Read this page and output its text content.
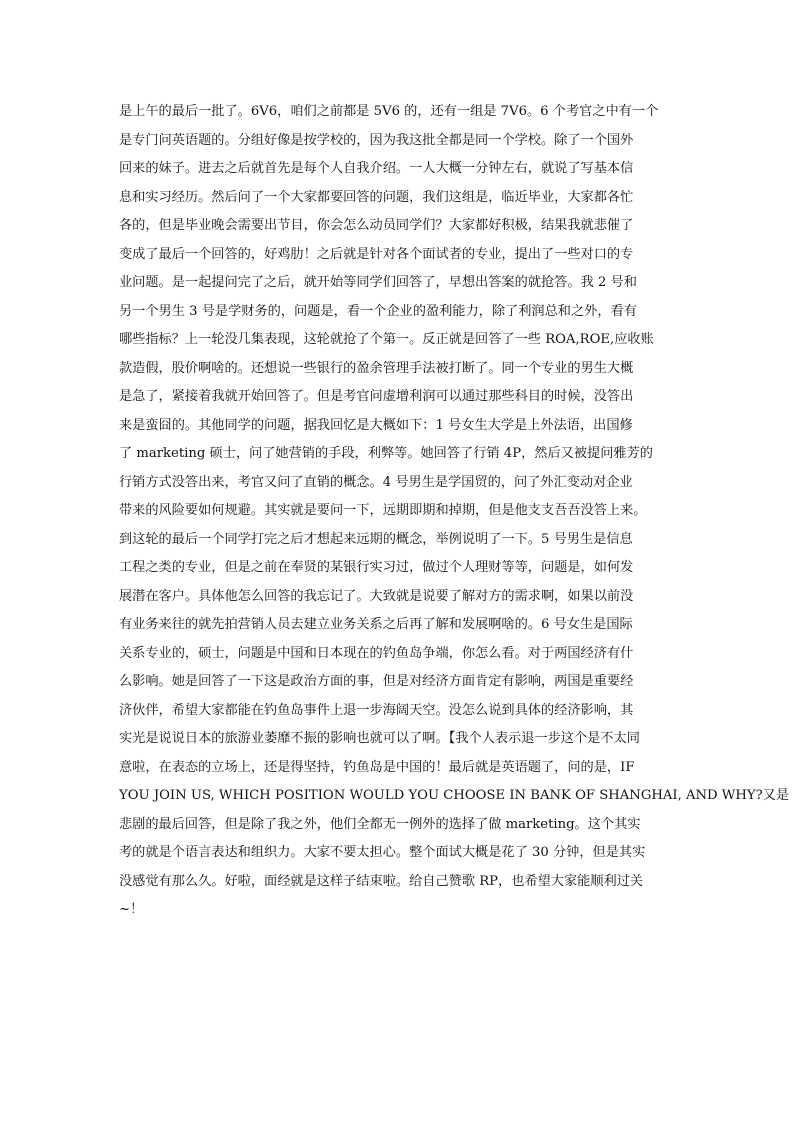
是上午的最后一批了。6V6，咱们之前都是 5V6 的，还有一组是 7V6。6 个考官之中有一个
是专门问英语题的。分组好像是按学校的，因为我这批全都是同一个学校。除了一个国外
回来的妹子。进去之后就首先是每个人自我介绍。一人大概一分钟左右，就说了写基本信
息和实习经历。然后问了一个大家都要回答的问题，我们这组是，临近毕业，大家都各忙
各的，但是毕业晚会需要出节目，你会怎么动员同学们？大家都好积极，结果我就悲催了
变成了最后一个回答的，好鸡肋！之后就是针对各个面试者的专业，提出了一些对口的专
业问题。是一起提问完了之后，就开始等同学们回答了，早想出答案的就抢答。我 2 号和
另一个男生 3 号是学财务的，问题是，看一个企业的盈利能力，除了利润总和之外，看有
哪些指标？上一轮没几集表现，这轮就抢了个第一。反正就是回答了一些 ROA,ROE,应收账
款造假，股价啊啥的。还想说一些银行的盈余管理手法被打断了。同一个专业的男生大概
是急了，紧接着我就开始回答了。但是考官问虚增利润可以通过那些科目的时候，没答出
来是蛮囧的。其他同学的问题，据我回忆是大概如下：1 号女生大学是上外法语，出国修
了 marketing 硕士，问了她营销的手段，利弊等。她回答了行销 4P，然后又被提问雅芳的
行销方式没答出来，考官又问了直销的概念。4 号男生是学国贸的，问了外汇变动对企业
带来的风险要如何规避。其实就是要问一下，远期即期和掉期，但是他支支吾吾没答上来。
到这轮的最后一个同学打完之后才想起来远期的概念，举例说明了一下。5 号男生是信息
工程之类的专业，但是之前在奉贤的某银行实习过，做过个人理财等等，问题是，如何发
展潜在客户。具体他怎么回答的我忘记了。大致就是说要了解对方的需求啊，如果以前没
有业务来往的就先拍营销人员去建立业务关系之后再了解和发展啊啥的。6 号女生是国际
关系专业的，硕士，问题是中国和日本现在的钓鱼岛争端，你怎么看。对于两国经济有什
么影响。她是回答了一下这是政治方面的事，但是对经济方面肯定有影响，两国是重要经
济伙伴，希望大家都能在钓鱼岛事件上退一步海阔天空。没怎么说到具体的经济影响，其
实光是说说日本的旅游业萎靡不振的影响也就可以了啊。【我个人表示退一步这个是不太同
意啦，在表态的立场上，还是得坚持，钓鱼岛是中国的！最后就是英语题了，问的是，IF
YOU JOIN US, WHICH POSITION WOULD YOU CHOOSE IN BANK OF SHANGHAI, AND WHY?又是
悲剧的最后回答，但是除了我之外，他们全都无一例外的选择了做 marketing。这个其实
考的就是个语言表达和组织力。大家不要太担心。整个面试大概是花了 30 分钟，但是其实
没感觉有那么久。好啦，面经就是这样子结束啦。给自己赞歌 RP，也希望大家能顺利过关
~！
